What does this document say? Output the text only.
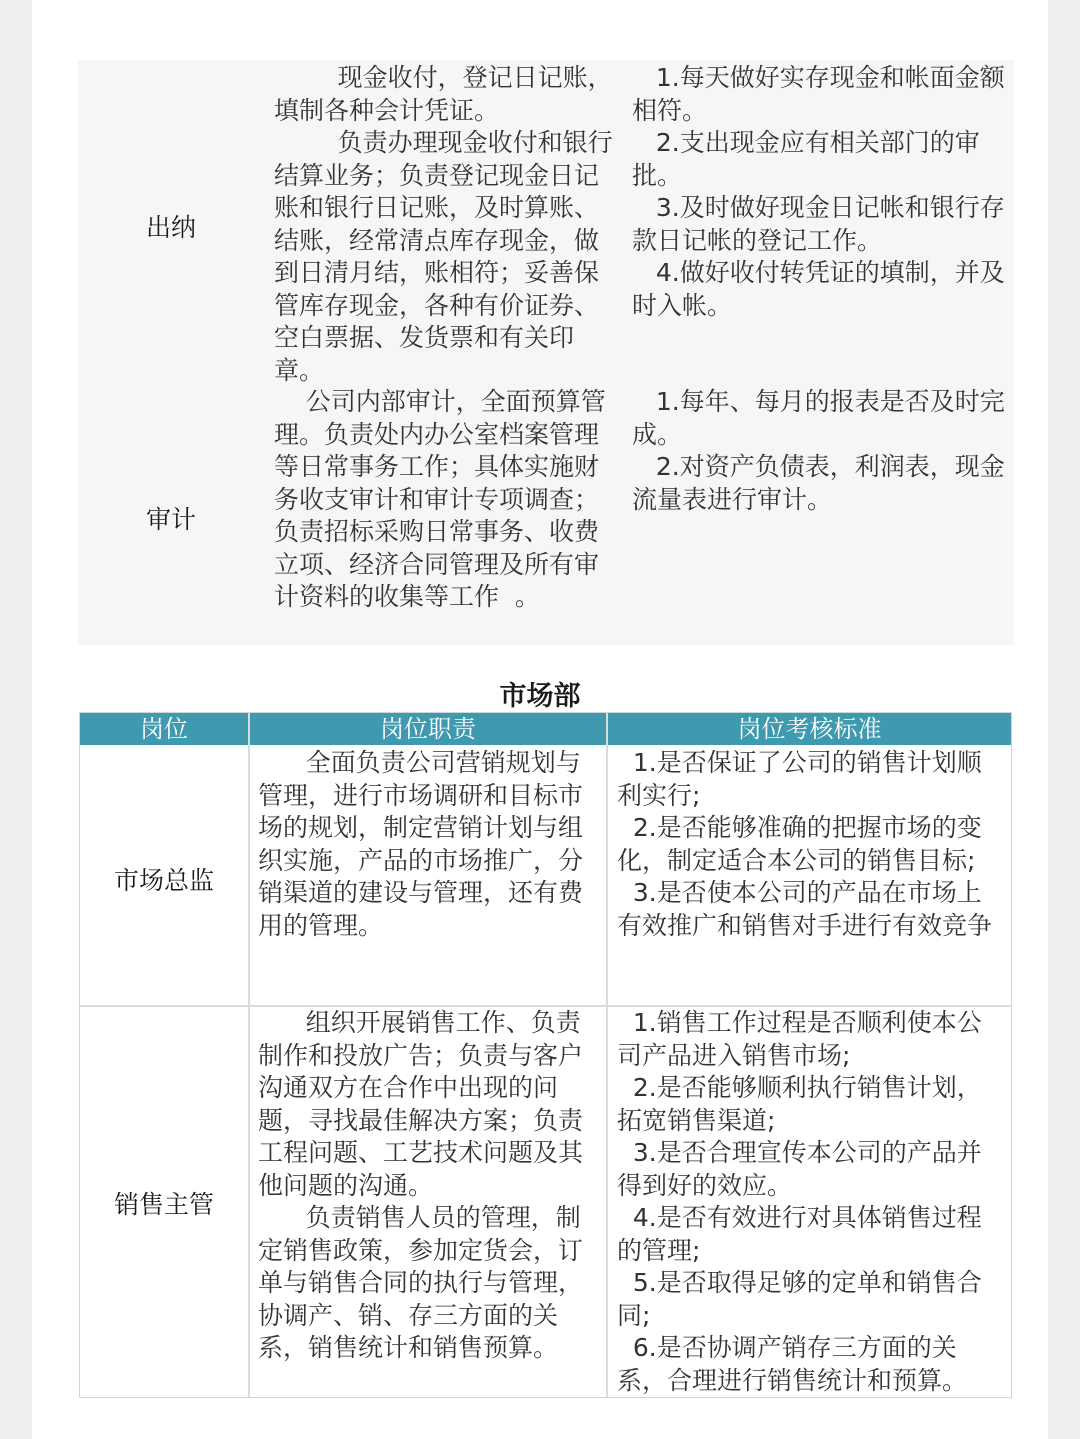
出纳
现金收付，登记日记账，填制各种会计凭证。
负责办理现金收付和银行结算业务；负责登记现金日记账和银行日记账，及时算账、结账，经常清点库存现金，做到日清月结，账相符；妥善保管库存现金，各种有价证券、空白票据、发货票和有关印章。
1.每天做好实存现金和帐面金额相符。
2.支出现金应有相关部门的审批。
3.及时做好现金日记帐和银行存款日记帐的登记工作。
4.做好收付转凭证的填制，并及时入帐。
审计
公司内部审计，全面预算管理。负责处内办公室档案管理等日常事务工作；具体实施财务收支审计和审计专项调查；负责招标采购日常事务、收费立项、经济合同管理及所有审计资料的收集等工作  。
1.每年、每月的报表是否及时完成。
2.对资产负债表，利润表，现金流量表进行审计。
市场部
岗位	岗位职责	岗位考核标准
市场总监
全面负责公司营销规划与管理，进行市场调研和目标市场的规划，制定营销计划与组织实施，产品的市场推广，分销渠道的建设与管理，还有费用的管理。
1.是否保证了公司的销售计划顺利实行;
2.是否能够准确的把握市场的变化，制定适合本公司的销售目标;
3.是否使本公司的产品在市场上有效推广和销售对手进行有效竞争
销售主管
组织开展销售工作、负责制作和投放广告；负责与客户沟通双方在合作中出现的问题，寻找最佳解决方案；负责工程问题、工艺技术问题及其他问题的沟通。
负责销售人员的管理，制定销售政策，参加定货会，订单与销售合同的执行与管理，协调产、销、存三方面的关系，销售统计和销售预算。
1.销售工作过程是否顺利使本公司产品进入销售市场;
2.是否能够顺利执行销售计划，拓宽销售渠道;
3.是否合理宣传本公司的产品并得到好的效应。
4.是否有效进行对具体销售过程的管理;
5.是否取得足够的定单和销售合同;
6.是否协调产销存三方面的关系，合理进行销售统计和预算。
